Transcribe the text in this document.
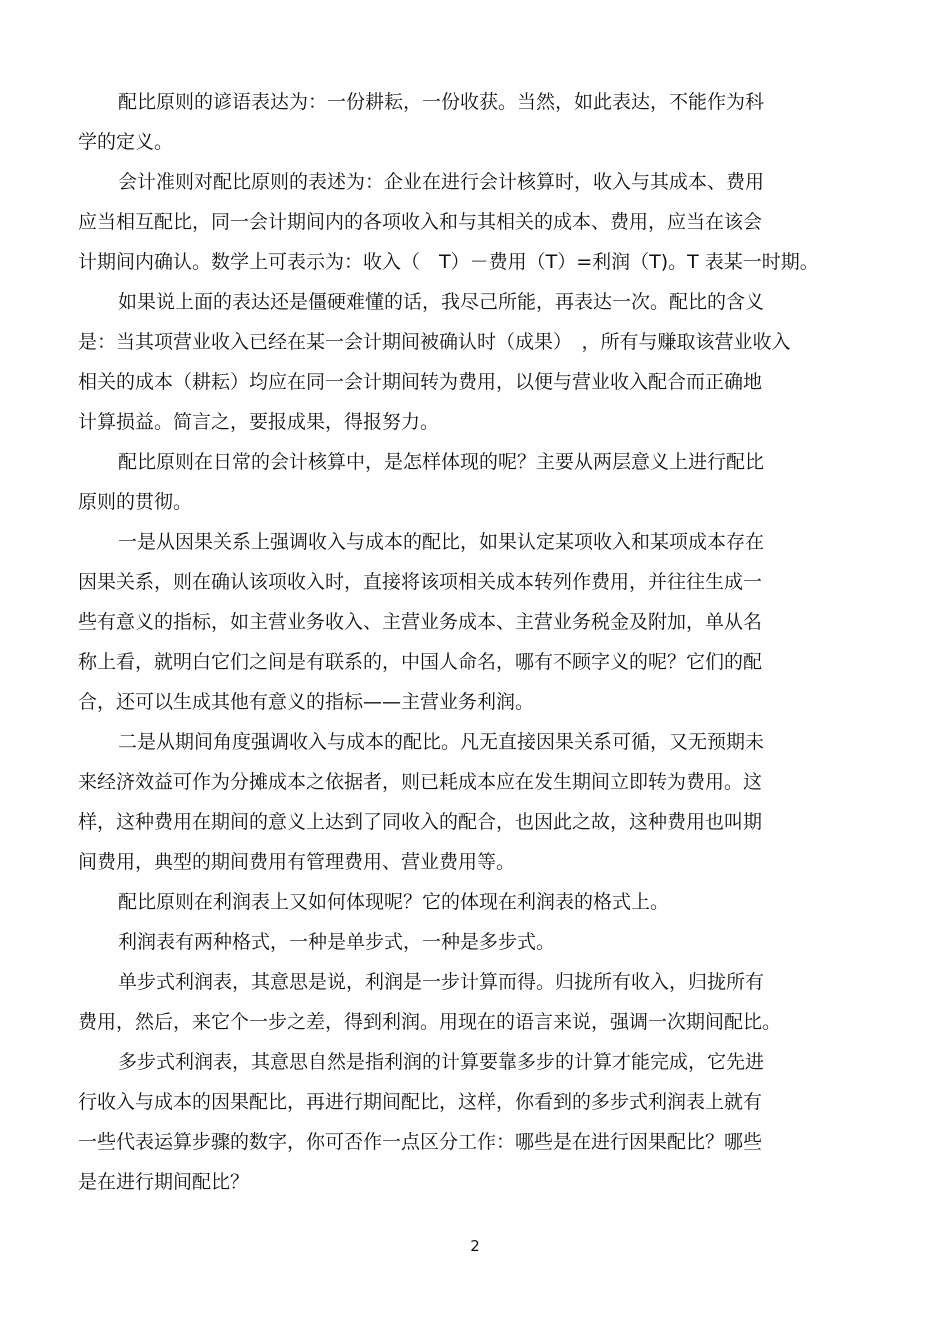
配比原则的谚语表达为：一份耕耘，一份收获。当然，如此表达，不能作为科
学的定义。

会计准则对配比原则的表述为：企业在进行会计核算时，收入与其成本、费用
应当相互配比，同一会计期间内的各项收入和与其相关的成本、费用，应当在该会
计期间内确认。数学上可表示为：收入（　T）－费用（T）=利润（T)。T 表某一时期。

如果说上面的表达还是僵硬难懂的话，我尽己所能，再表达一次。配比的含义
是：当其项营业收入已经在某一会计期间被确认时（成果）　，所有与赚取该营业收入
相关的成本（耕耘）均应在同一会计期间转为费用，以便与营业收入配合而正确地
计算损益。简言之，要报成果，得报努力。

配比原则在日常的会计核算中，是怎样体现的呢？主要从两层意义上进行配比
原则的贯彻。

一是从因果关系上强调收入与成本的配比，如果认定某项收入和某项成本存在
因果关系，则在确认该项收入时，直接将该项相关成本转列作费用，并往往生成一
些有意义的指标，如主营业务收入、主营业务成本、主营业务税金及附加，单从名
称上看，就明白它们之间是有联系的，中国人命名，哪有不顾字义的呢？它们的配
合，还可以生成其他有意义的指标——主营业务利润。

二是从期间角度强调收入与成本的配比。凡无直接因果关系可循，又无预期未
来经济效益可作为分摊成本之依据者，则已耗成本应在发生期间立即转为费用。这
样，这种费用在期间的意义上达到了同收入的配合，也因此之故，这种费用也叫期
间费用，典型的期间费用有管理费用、营业费用等。

配比原则在利润表上又如何体现呢？它的体现在利润表的格式上。

利润表有两种格式，一种是单步式，一种是多步式。

单步式利润表，其意思是说，利润是一步计算而得。归拢所有收入，归拢所有
费用，然后，来它个一步之差，得到利润。用现在的语言来说，强调一次期间配比。

多步式利润表，其意思自然是指利润的计算要靠多步的计算才能完成，它先进
行收入与成本的因果配比，再进行期间配比，这样，你看到的多步式利润表上就有
一些代表运算步骤的数字，你可否作一点区分工作：哪些是在进行因果配比？哪些
是在进行期间配比？

2
